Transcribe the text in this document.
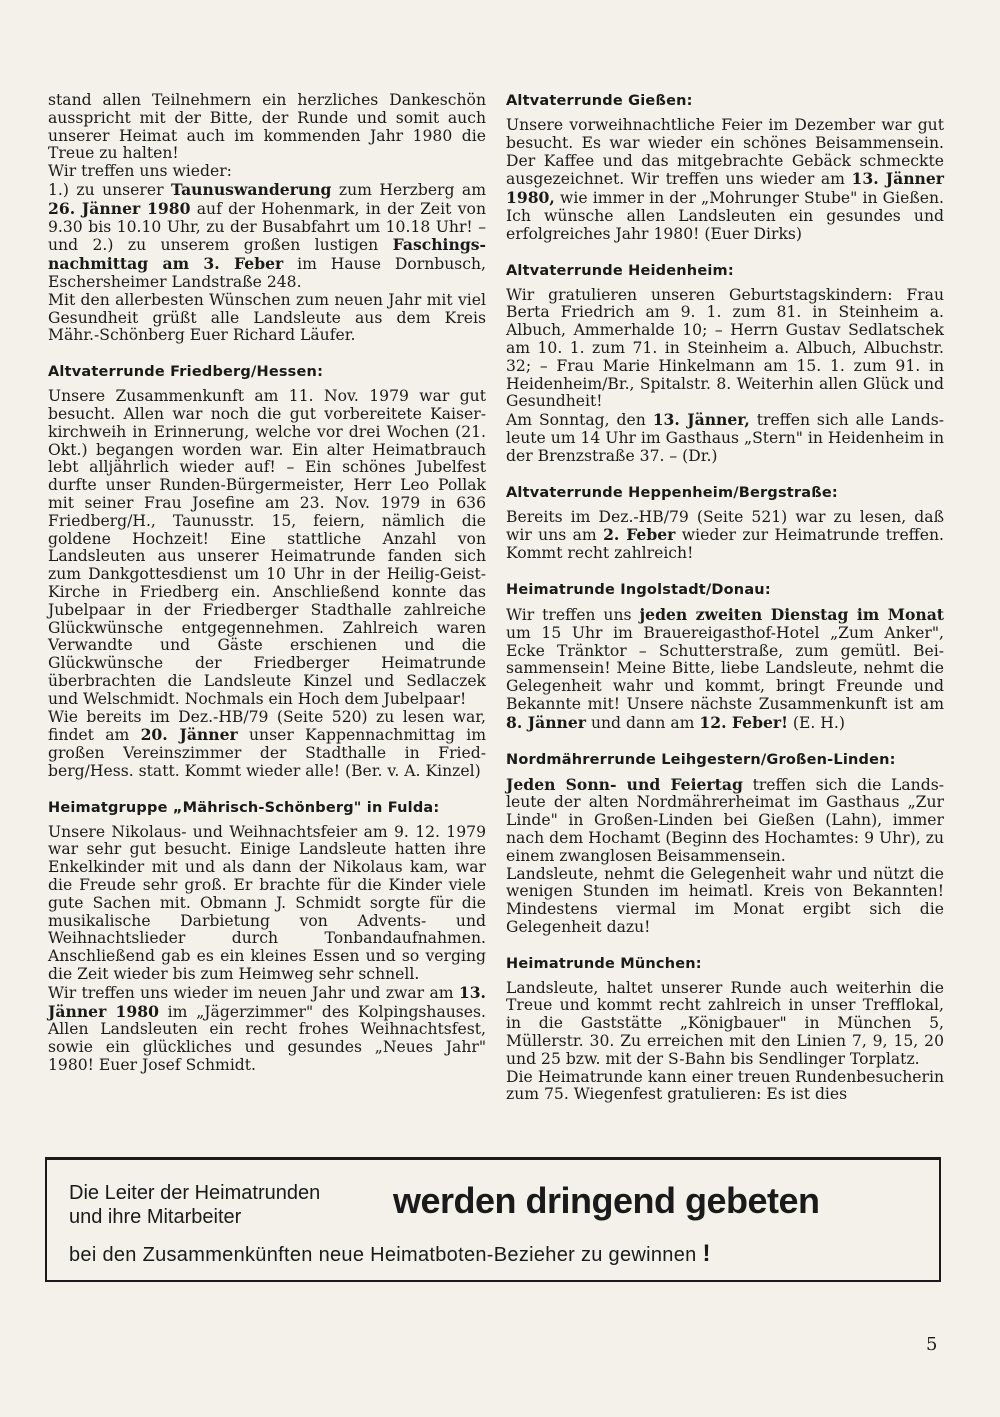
stand allen Teilnehmern ein herzliches Dankeschön ausspricht mit der Bitte, der Runde und somit auch unserer Heimat auch im kommenden Jahr 1980 die Treue zu halten!

Wir treffen uns wieder:

1.) zu unserer Taunuswanderung zum Herzberg am 26. Jänner 1980 auf der Hohenmark, in der Zeit von 9.30 bis 10.10 Uhr, zu der Busabfahrt um 10.18 Uhr! – und 2.) zu unserem großen lustigen Faschingsnachmittag am 3. Feber im Hause Dornbusch, Eschersheimer Landstraße 248.

Mit den allerbesten Wünschen zum neuen Jahr mit viel Gesundheit grüßt alle Landsleute aus dem Kreis Mähr.-Schönberg Euer Richard Läufer.

Altvaterrunde Friedberg/Hessen:

Unsere Zusammenkunft am 11. Nov. 1979 war gut besucht. Allen war noch die gut vorbereitete Kaiserkirchweih in Erinnerung, welche vor drei Wochen (21. Okt.) begangen worden war. Ein alter Heimatbrauch lebt alljährlich wieder auf! – Ein schönes Jubelfest durfte unser Runden-Bürgermeister, Herr Leo Pollak mit seiner Frau Josefine am 23. Nov. 1979 in 636 Friedberg/H., Taunusstr. 15, feiern, nämlich die goldene Hochzeit! Eine stattliche Anzahl von Landsleuten aus unserer Heimatrunde fanden sich zum Dankgottesdienst um 10 Uhr in der Heilig-Geist-Kirche in Friedberg ein. Anschließend konnte das Jubelpaar in der Friedberger Stadthalle zahlreiche Glückwünsche entgegennehmen. Zahlreich waren Verwandte und Gäste erschienen und die Glückwünsche der Friedberger Heimatrunde überbrachten die Landsleute Kinzel und Sedlaczek und Welschmidt. Nochmals ein Hoch dem Jubelpaar!

Wie bereits im Dez.-HB/79 (Seite 520) zu lesen war, findet am 20. Jänner unser Kappennachmittag im großen Vereinszimmer der Stadthalle in Friedberg/Hess. statt. Kommt wieder alle! (Ber. v. A. Kinzel)

Heimatgruppe „Mährisch-Schönberg" in Fulda:

Unsere Nikolaus- und Weihnachtsfeier am 9. 12. 1979 war sehr gut besucht. Einige Landsleute hatten ihre Enkelkinder mit und als dann der Nikolaus kam, war die Freude sehr groß. Er brachte für die Kinder viele gute Sachen mit. Obmann J. Schmidt sorgte für die musikalische Darbietung von Advents- und Weihnachtslieder durch Tonbandaufnahmen. Anschließend gab es ein kleines Essen und so verging die Zeit wieder bis zum Heimweg sehr schnell.

Wir treffen uns wieder im neuen Jahr und zwar am 13. Jänner 1980 im „Jägerzimmer" des Kolpingshauses. Allen Landsleuten ein recht frohes Weihnachtsfest, sowie ein glückliches und gesundes „Neues Jahr" 1980! Euer Josef Schmidt.

Altvaterrunde Gießen:

Unsere vorweihnachtliche Feier im Dezember war gut besucht. Es war wieder ein schönes Beisammensein. Der Kaffee und das mitgebrachte Gebäck schmeckte ausgezeichnet. Wir treffen uns wieder am 13. Jänner 1980, wie immer in der „Mohrunger Stube" in Gießen. Ich wünsche allen Landsleuten ein gesundes und erfolgreiches Jahr 1980! (Euer Dirks)

Altvaterrunde Heidenheim:

Wir gratulieren unseren Geburtstagskindern: Frau Berta Friedrich am 9. 1. zum 81. in Steinheim a. Albuch, Ammerhalde 10; – Herrn Gustav Sedlatschek am 10. 1. zum 71. in Steinheim a. Albuch, Albuchstr. 32; – Frau Marie Hinkelmann am 15. 1. zum 91. in Heidenheim/Br., Spitalstr. 8. Weiterhin allen Glück und Gesundheit!

Am Sonntag, den 13. Jänner, treffen sich alle Landsleute um 14 Uhr im Gasthaus „Stern" in Heidenheim in der Brenzstraße 37. – (Dr.)

Altvaterrunde Heppenheim/Bergstraße:

Bereits im Dez.-HB/79 (Seite 521) war zu lesen, daß wir uns am 2. Feber wieder zur Heimatrunde treffen. Kommt recht zahlreich!

Heimatrunde Ingolstadt/Donau:

Wir treffen uns jeden zweiten Dienstag im Monat um 15 Uhr im Brauereigasthof-Hotel „Zum Anker", Ecke Tränktor – Schutterstraße, zum gemütl. Beisammensein! Meine Bitte, liebe Landsleute, nehmt die Gelegenheit wahr und kommt, bringt Freunde und Bekannte mit! Unsere nächste Zusammenkunft ist am 8. Jänner und dann am 12. Feber! (E. H.)

Nordmährerrunde Leihgestern/Großen-Linden:

Jeden Sonn- und Feiertag treffen sich die Landsleute der alten Nordmährerheimat im Gasthaus „Zur Linde" in Großen-Linden bei Gießen (Lahn), immer nach dem Hochamt (Beginn des Hochamtes: 9 Uhr), zu einem zwanglosen Beisammensein.

Landsleute, nehmt die Gelegenheit wahr und nützt die wenigen Stunden im heimatl. Kreis von Bekannten! Mindestens viermal im Monat ergibt sich die Gelegenheit dazu!

Heimatrunde München:

Landsleute, haltet unserer Runde auch weiterhin die Treue und kommt recht zahlreich in unser Trefflokal, in die Gaststätte „Königbauer" in München 5, Müllerstr. 30. Zu erreichen mit den Linien 7, 9, 15, 20 und 25 bzw. mit der S-Bahn bis Sendlinger Torplatz.

Die Heimatrunde kann einer treuen Rundenbesucherin zum 75. Wiegenfest gratulieren: Es ist dies

Die Leiter der Heimatrunden
und ihre Mitarbeiter	werden dringend gebeten
bei den Zusammenkünften neue Heimatboten-Bezieher zu gewinnen !
5
